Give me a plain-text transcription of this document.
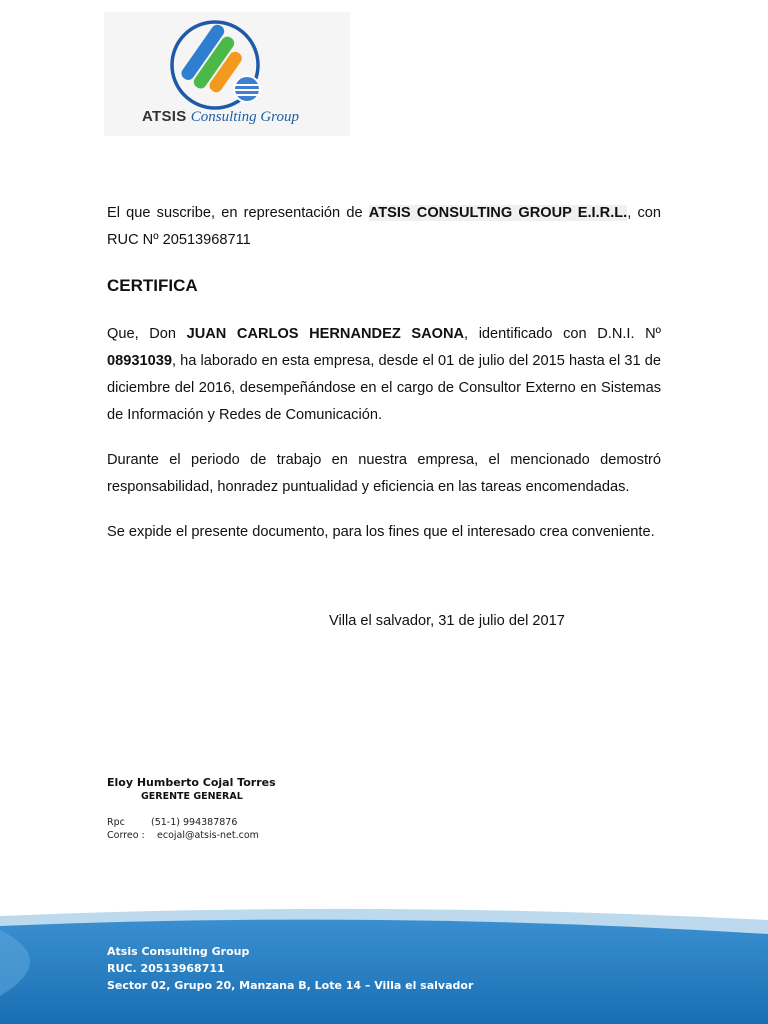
ATSIS Consulting Group
El que suscribe, en representación de ATSIS CONSULTING GROUP E.I.R.L., con RUC Nº 20513968711
CERTIFICA
Que, Don JUAN CARLOS HERNANDEZ SAONA, identificado con D.N.I. Nº 08931039, ha laborado en esta empresa, desde el 01 de julio del 2015 hasta el 31 de diciembre del 2016, desempeñándose en el cargo de Consultor Externo en Sistemas de Información y Redes de Comunicación.
Durante el periodo de trabajo en nuestra empresa, el mencionado demostró responsabilidad, honradez puntualidad y eficiencia en las tareas encomendadas.
Se expide el presente documento, para los fines que el interesado crea conveniente.
Villa el salvador, 31 de julio del 2017
Eloy Humberto Cojal Torres
GERENTE GENERAL
Rpc	(51-1) 994387876
Correo : ecojal@atsis-net.com
Atsis Consulting Group
RUC. 20513968711
Sector 02, Grupo 20, Manzana B, Lote 14 – Villa el salvador
